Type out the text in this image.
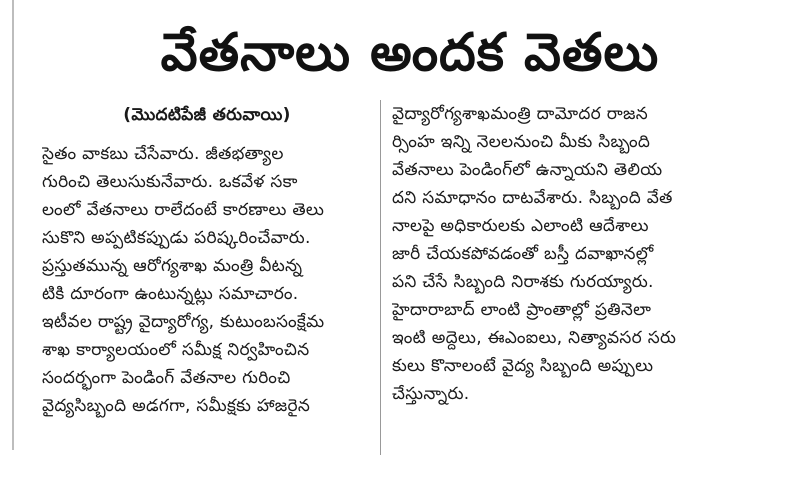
వేతనాలు అందక వెతలు
(మొదటిపేజీ తరువాయి)
సైతం వాకబు చేసేవారు. జీతభత్యాల
గురించి తెలుసుకునేవారు. ఒకవేళ సకా
లంలో వేతనాలు రాలేదంటే కారణాలు తెలు
సుకొని అప్పటికప్పుడు పరిష్కరించేవారు.
ప్రస్తుతమున్న ఆరోగ్యశాఖ మంత్రి వీటన్న
టికి దూరంగా ఉంటున్నట్లు సమాచారం.
ఇటీవల రాష్ట్ర వైద్యారోగ్య, కుటుంబసంక్షేమ
శాఖ కార్యాలయంలో సమీక్ష నిర్వహించిన
సందర్భంగా పెండింగ్ వేతనాల గురించి
వైద్యసిబ్బంది అడగగా, సమీక్షకు హాజరైన
వైద్యారోగ్యశాఖమంత్రి దామోదర రాజన
ర్సింహ ఇన్ని నెలలనుంచి మీకు సిబ్బంది
వేతనాలు పెండింగ్‌లో ఉన్నాయని తెలియ
దని సమాధానం దాటవేశారు. సిబ్బంది వేత
నాలపై అధికారులకు ఎలాంటి ఆదేశాలు
జారీ చేయకపోవడంతో బస్తీ దవాఖానల్లో
పని చేసే సిబ్బంది నిరాశకు గురయ్యారు.
హైదారాబాద్ లాంటి ప్రాంతాల్లో ప్రతినెలా
ఇంటి అద్దెలు, ఈఎంఐలు, నిత్యావసర సరు
కులు కొనాలంటే వైద్య సిబ్బంది అప్పులు
చేస్తున్నారు.
